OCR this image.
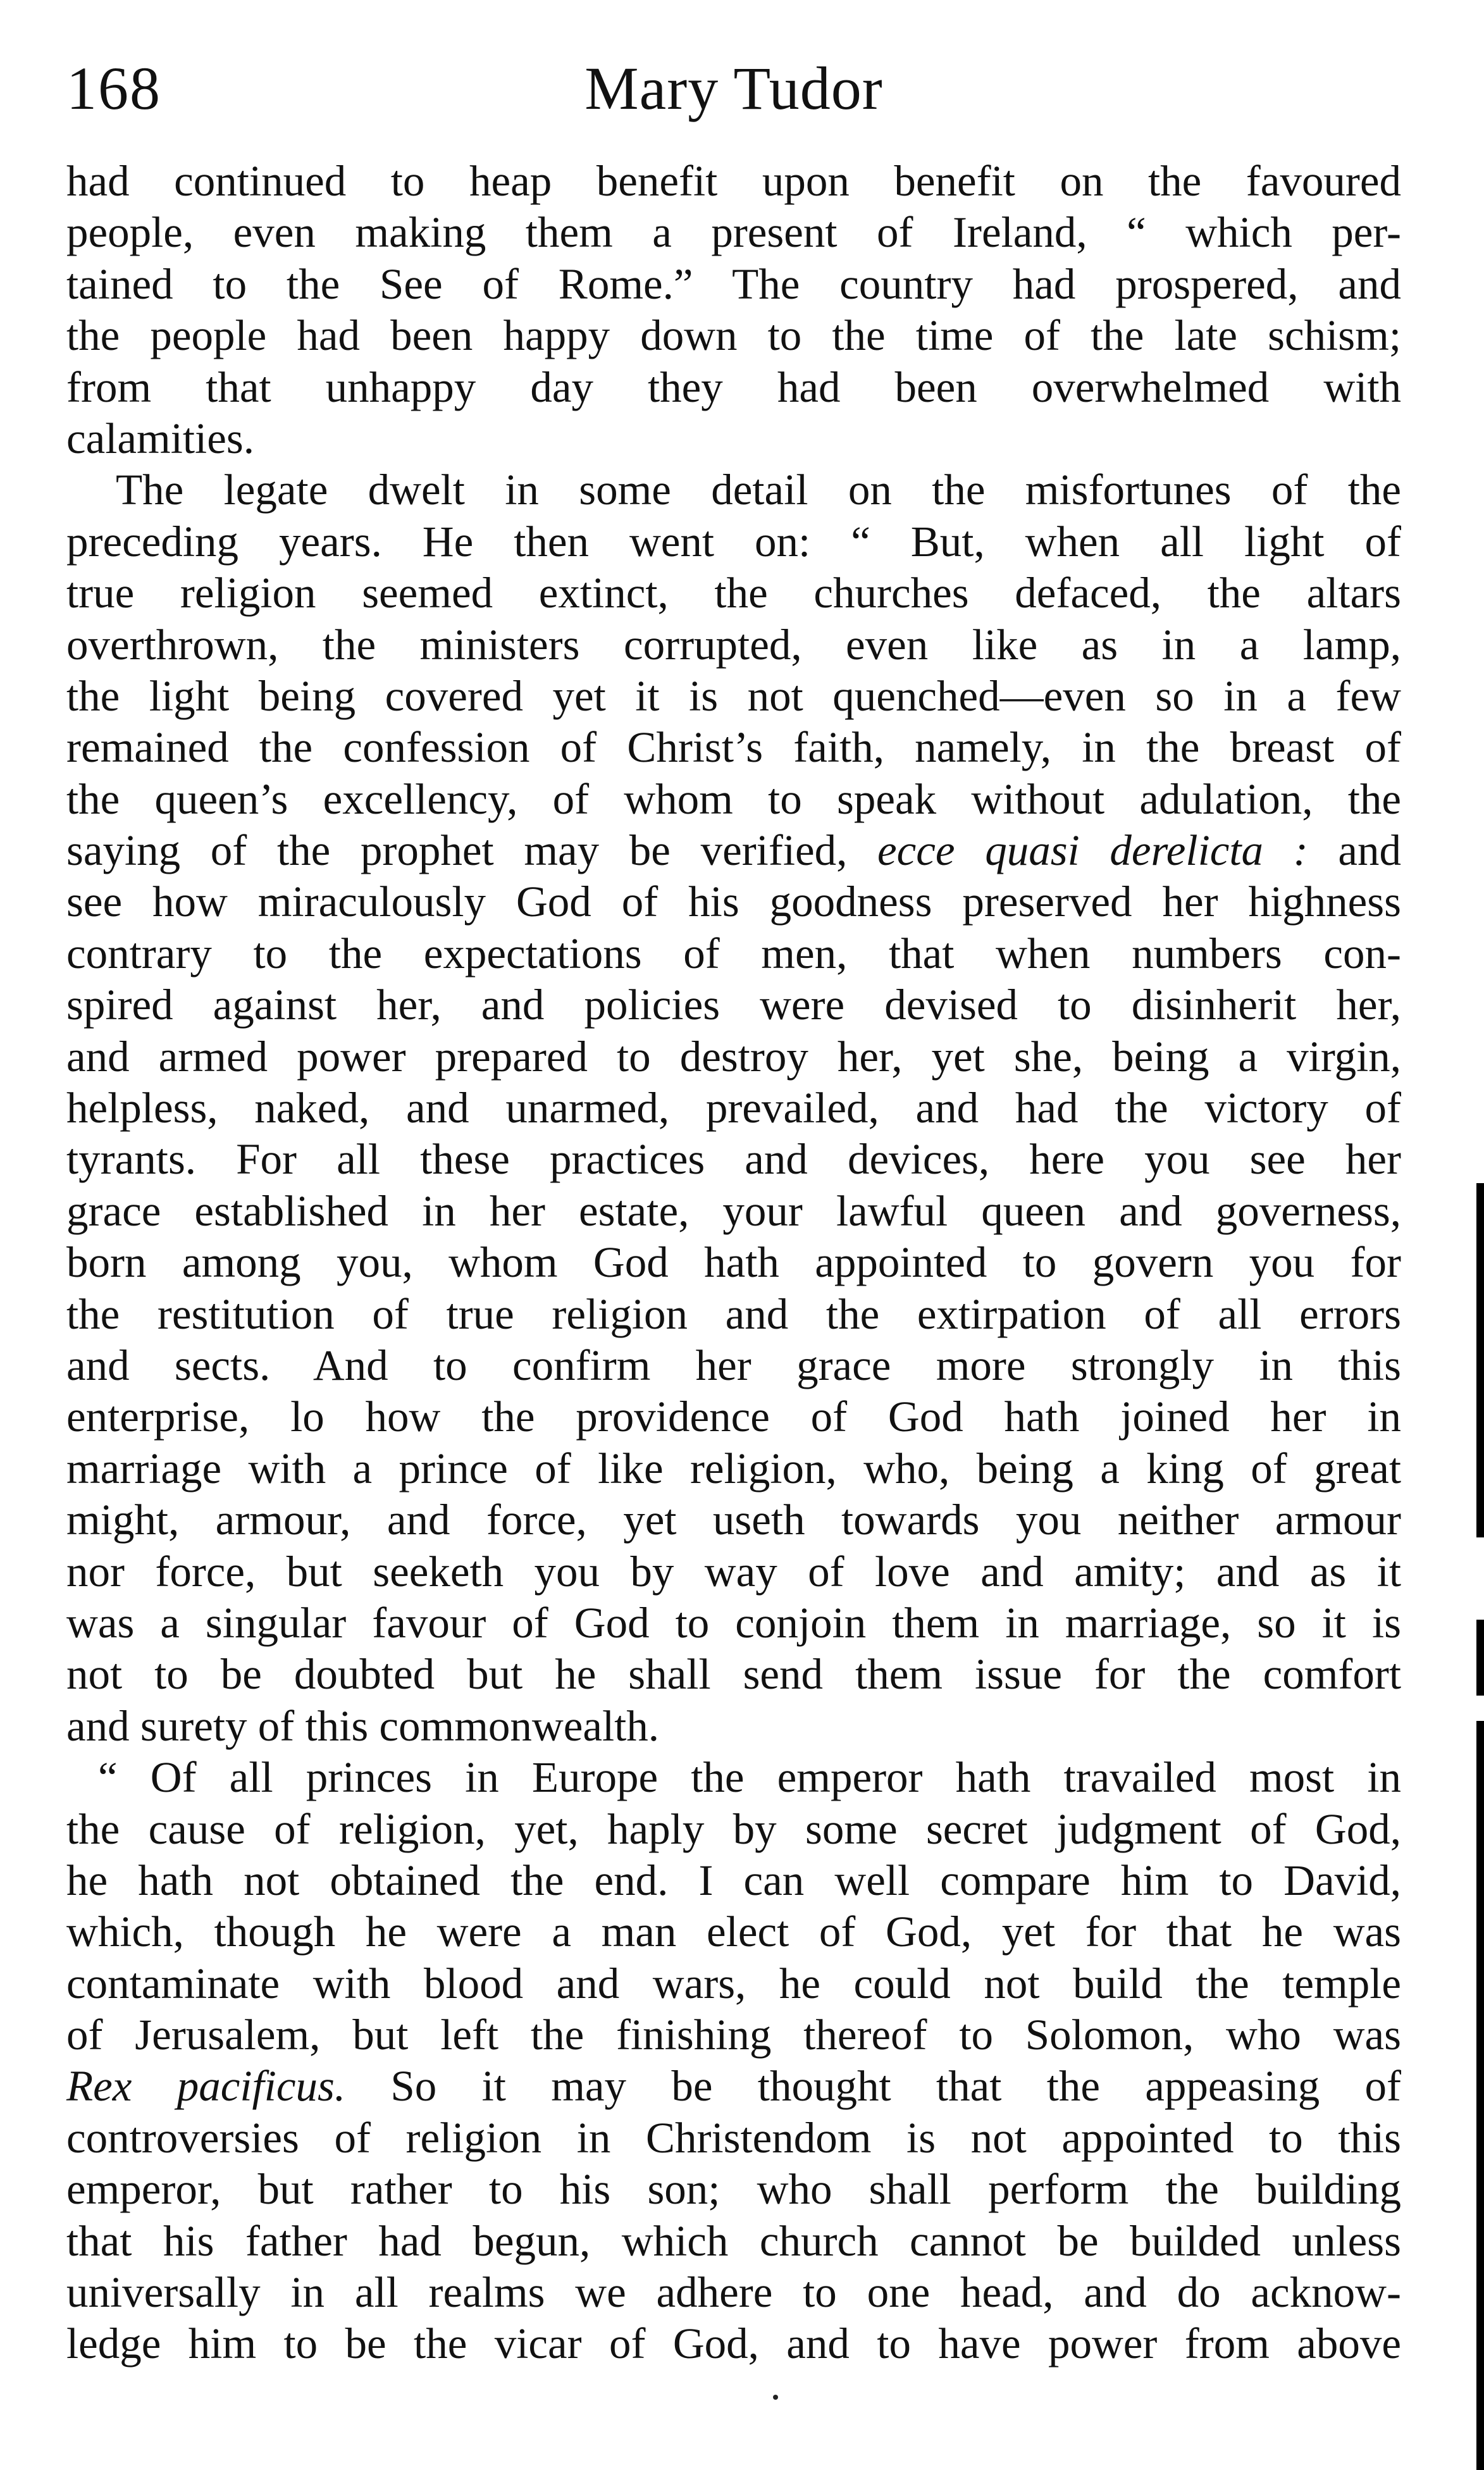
168	Mary Tudor
had continued to heap benefit upon benefit on the favoured
people, even making them a present of Ireland, “ which per-
tained to the See of Rome.” The country had prospered, and
the people had been happy down to the time of the late schism;
from that unhappy day they had been overwhelmed with
calamities.
The legate dwelt in some detail on the misfortunes of the
preceding years. He then went on: “ But, when all light of
true religion seemed extinct, the churches defaced, the altars
overthrown, the ministers corrupted, even like as in a lamp,
the light being covered yet it is not quenched—even so in a few
remained the confession of Christ’s faith, namely, in the breast of
the queen’s excellency, of whom to speak without adulation, the
saying of the prophet may be verified, ecce quasi derelicta : and
see how miraculously God of his goodness preserved her highness
contrary to the expectations of men, that when numbers con-
spired against her, and policies were devised to disinherit her,
and armed power prepared to destroy her, yet she, being a virgin,
helpless, naked, and unarmed, prevailed, and had the victory of
tyrants. For all these practices and devices, here you see her
grace established in her estate, your lawful queen and governess,
born among you, whom God hath appointed to govern you for
the restitution of true religion and the extirpation of all errors
and sects. And to confirm her grace more strongly in this
enterprise, lo how the providence of God hath joined her in
marriage with a prince of like religion, who, being a king of great
might, armour, and force, yet useth towards you neither armour
nor force, but seeketh you by way of love and amity; and as it
was a singular favour of God to conjoin them in marriage, so it is
not to be doubted but he shall send them issue for the comfort
and surety of this commonwealth.
“ Of all princes in Europe the emperor hath travailed most in
the cause of religion, yet, haply by some secret judgment of God,
he hath not obtained the end. I can well compare him to David,
which, though he were a man elect of God, yet for that he was
contaminate with blood and wars, he could not build the temple
of Jerusalem, but left the finishing thereof to Solomon, who was
Rex pacificus. So it may be thought that the appeasing of
controversies of religion in Christendom is not appointed to this
emperor, but rather to his son; who shall perform the building
that his father had begun, which church cannot be builded unless
universally in all realms we adhere to one head, and do acknow-
ledge him to be the vicar of God, and to have power from above
